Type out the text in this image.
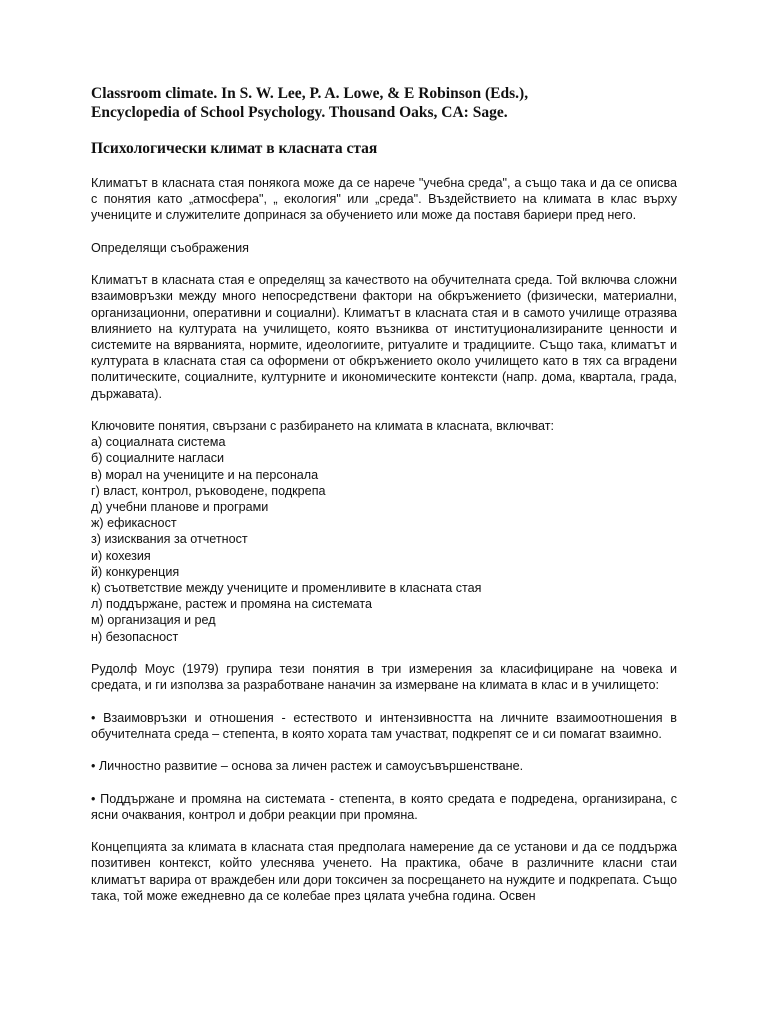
Classroom climate. In S. W. Lee, P. A. Lowe, & E Robinson (Eds.),
Encyclopedia of School Psychology. Thousand Oaks, CA: Sage.

Психологически климат в класната стая

Климатът в класната стая понякога може да се нарече "учебна среда", а също така и да се описва с понятия като „атмосфера", „ екология" или „среда". Въздействието на климата в клас върху учениците и служителите допринася за обучението или може да поставя бариери пред него.

Определящи съображения

Климатът в класната стая е определящ за качеството на обучителната среда. Той включва сложни взаимовръзки между много непосредствени фактори на обкръжението (физически, материални, организационни, оперативни и социални). Климатът в класната стая и в самото училище отразява влиянието на културата на училището, която възниква от институционализираните ценности и системите на вярванията, нормите, идеологиите, ритуалите и традициите. Също така, климатът и културата в класната стая са оформени от обкръжението около училището като в тях са вградени политическите, социалните, културните и икономическите контексти (напр. дома, квартала, града, държавата).

Ключовите понятия, свързани с разбирането на климата в класната, включват:

а) социалната система
б) социалните нагласи
в) морал на учениците и на персонала
г) власт, контрол, ръководене, подкрепа
д) учебни планове и програми
ж) ефикасност
з) изисквания за отчетност
и) кохезия
й) конкуренция
к) съответствие между учениците и променливите в класната стая
л) поддържане, растеж и промяна на системата
м) организация и ред
н) безопасност

Рудолф Моус (1979) групира тези понятия в три измерения за класифициране на човека и средата, и ги използва за разработване наначин за измерване на климата в клас и в училището:

• Взаимовръзки и отношения - естеството и интензивността на личните взаимоотношения в обучителната среда – степента, в която хората там участват, подкрепят се и си помагат взаимно.

• Личностно развитие – основа за личен растеж и самоусъвършенстване.

• Поддържане и промяна на системата - степента, в която средата е подредена, организирана, с ясни очаквания, контрол и добри реакции при промяна.

Концепцията за климата в класната стая предполага намерение да се установи и да се поддържа позитивен контекст, който улеснява ученето. На практика, обаче в различните класни стаи климатът варира от враждебен или дори токсичен за посрещането на нуждите и подкрепата. Също така, той може ежедневно да се колебае през цялата учебна година. Освен
